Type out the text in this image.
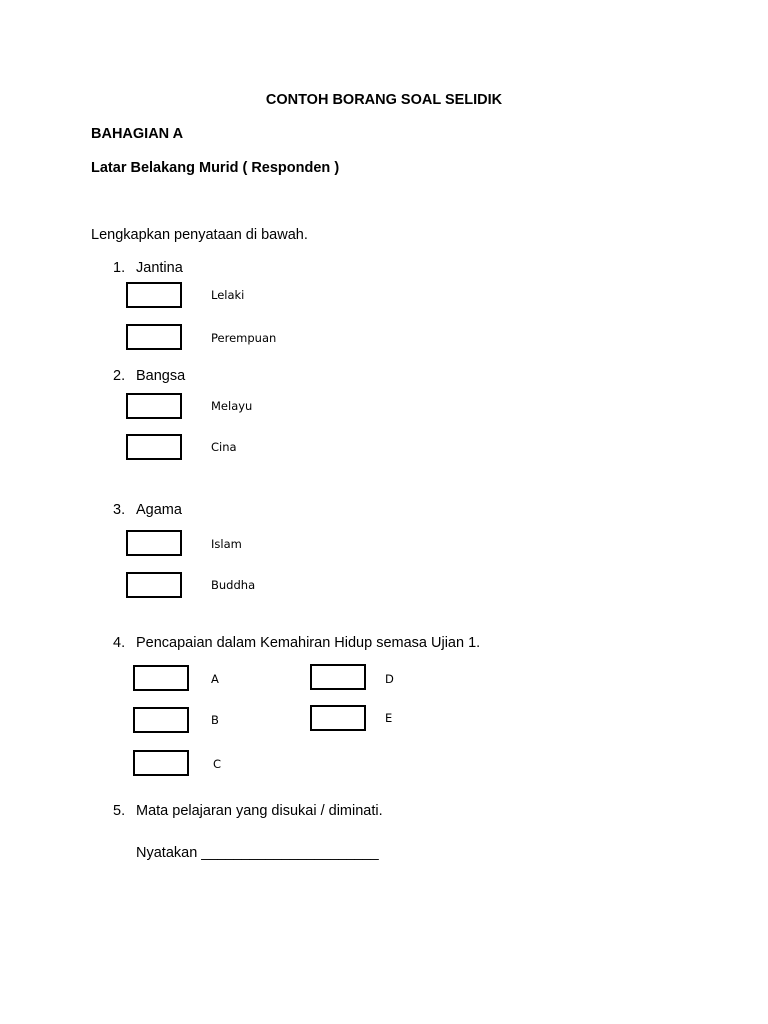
CONTOH BORANG SOAL SELIDIK
BAHAGIAN A
Latar Belakang Murid ( Responden )
Lengkapkan penyataan di bawah.
1. Jantina
Lelaki
Perempuan
2. Bangsa
Melayu
Cina
3. Agama
Islam
Buddha
4. Pencapaian dalam Kemahiran Hidup semasa Ujian 1.
A
B
C
D
E
5. Mata pelajaran yang disukai / diminati.
Nyatakan ______________________
